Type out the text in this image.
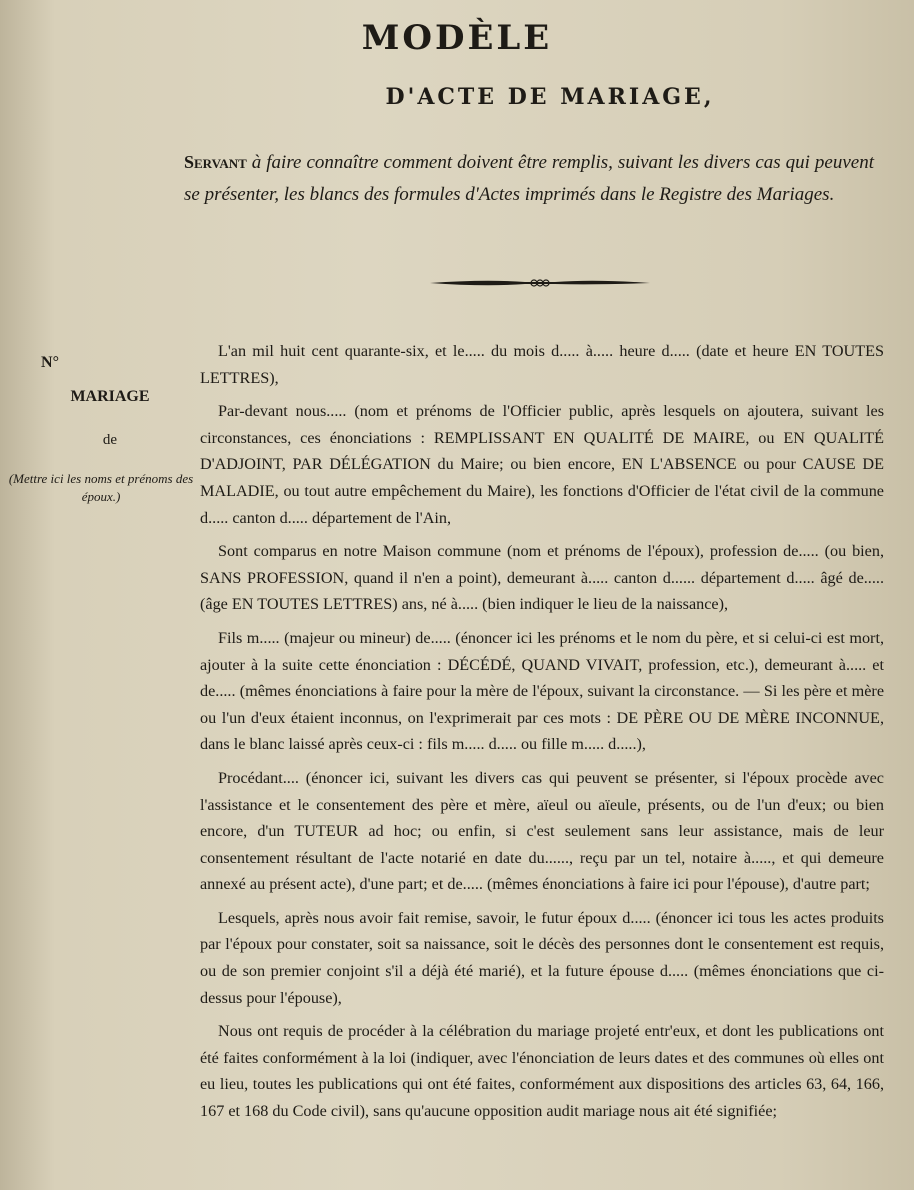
MODÈLE
D'ACTE DE MARIAGE,
Servant à faire connaître comment doivent être remplis, suivant les divers cas qui peuvent se présenter, les blancs des formules d'Actes imprimés dans le Registre des Mariages.
N°
MARIAGE
de
(Mettre ici les noms et prénoms des époux.)

L'an mil huit cent quarante-six, et le..... du mois d..... à..... heure d..... (date et heure EN TOUTES LETTRES),

Par-devant nous..... (nom et prénoms de l'Officier public, après lesquels on ajoutera, suivant les circonstances, ces énonciations : REMPLISSANT EN QUALITÉ DE MAIRE, ou EN QUALITÉ D'ADJOINT, PAR DÉLÉGATION du Maire; ou bien encore, EN L'ABSENCE ou pour CAUSE DE MALADIE, ou tout autre empêchement du Maire), les fonctions d'Officier de l'état civil de la commune d..... canton d..... département de l'Ain,

Sont comparus en notre Maison commune (nom et prénoms de l'époux), profession de..... (ou bien, SANS PROFESSION, quand il n'en a point), demeurant à..... canton d...... département d..... âgé de..... (âge EN TOUTES LETTRES) ans, né à..... (bien indiquer le lieu de la naissance),

Fils m..... (majeur ou mineur) de..... (énoncer ici les prénoms et le nom du père, et si celui-ci est mort, ajouter à la suite cette énonciation : DÉCÉDÉ, QUAND VIVAIT, profession, etc.), demeurant à..... et de..... (mêmes énonciations à faire pour la mère de l'époux, suivant la circonstance. — Si les père et mère ou l'un d'eux étaient inconnus, on l'exprimerait par ces mots : DE PÈRE OU DE MÈRE INCONNUE, dans le blanc laissé après ceux-ci : fils m..... d..... ou fille m..... d.....),

Procédant.... (énoncer ici, suivant les divers cas qui peuvent se présenter, si l'époux procède avec l'assistance et le consentement des père et mère, aïeul ou aïeule, présents, ou de l'un d'eux; ou bien encore, d'un TUTEUR ad hoc; ou enfin, si c'est seulement sans leur assistance, mais de leur consentement résultant de l'acte notarié en date du......, reçu par un tel, notaire à....., et qui demeure annexé au présent acte), d'une part; et de..... (mêmes énonciations à faire ici pour l'épouse), d'autre part;

Lesquels, après nous avoir fait remise, savoir, le futur époux d..... (énoncer ici tous les actes produits par l'époux pour constater, soit sa naissance, soit le décès des personnes dont le consentement est requis, ou de son premier conjoint s'il a déjà été marié), et la future épouse d..... (mêmes énonciations que ci-dessus pour l'épouse),

Nous ont requis de procéder à la célébration du mariage projeté entr'eux, et dont les publications ont été faites conformément à la loi (indiquer, avec l'énonciation de leurs dates et des communes où elles ont eu lieu, toutes les publications qui ont été faites, conformément aux dispositions des articles 63, 64, 166, 167 et 168 du Code civil), sans qu'aucune opposition audit mariage nous ait été signifiée;
